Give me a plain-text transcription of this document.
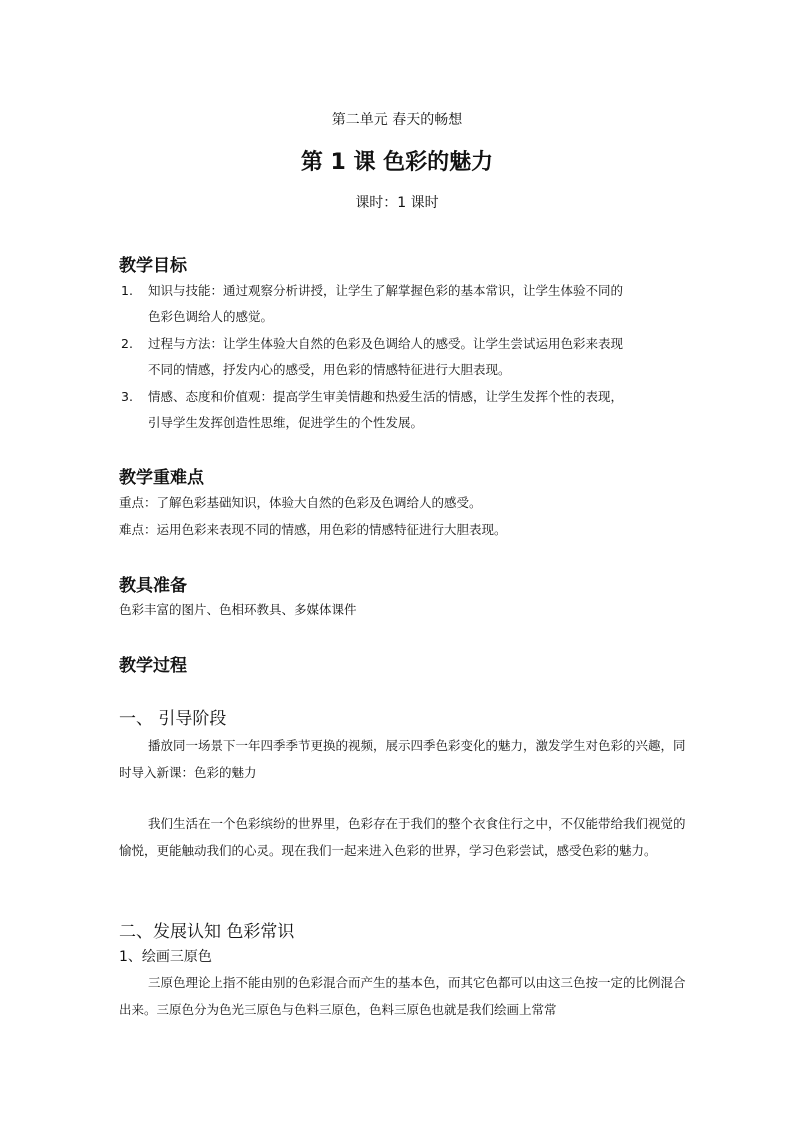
第二单元 春天的畅想

第 1 课 色彩的魅力

课时：1 课时

教学目标

1. 知识与技能：通过观察分析讲授，让学生了解掌握色彩的基本常识，让学生体验不同的

色彩色调给人的感觉。

2. 过程与方法：让学生体验大自然的色彩及色调给人的感受。让学生尝试运用色彩来表现

不同的情感，抒发内心的感受，用色彩的情感特征进行大胆表现。

3. 情感、态度和价值观：提高学生审美情趣和热爱生活的情感，让学生发挥个性的表现，

引导学生发挥创造性思维，促进学生的个性发展。

教学重难点

重点：了解色彩基础知识，体验大自然的色彩及色调给人的感受。

难点：运用色彩来表现不同的情感，用色彩的情感特征进行大胆表现。

教具准备

色彩丰富的图片、色相环教具、多媒体课件

教学过程

一、 引导阶段

播放同一场景下一年四季季节更换的视频，展示四季色彩变化的魅力，激发学生对色彩的兴趣，同时导入新课：色彩的魅力

我们生活在一个色彩缤纷的世界里，色彩存在于我们的整个衣食住行之中，不仅能带给我们视觉的愉悦，更能触动我们的心灵。现在我们一起来进入色彩的世界，学习色彩尝试，感受色彩的魅力。

二、发展认知 色彩常识

1、绘画三原色

三原色理论上指不能由别的色彩混合而产生的基本色，而其它色都可以由这三色按一定的比例混合出来。三原色分为色光三原色与色料三原色，色料三原色也就是我们绘画上常常
